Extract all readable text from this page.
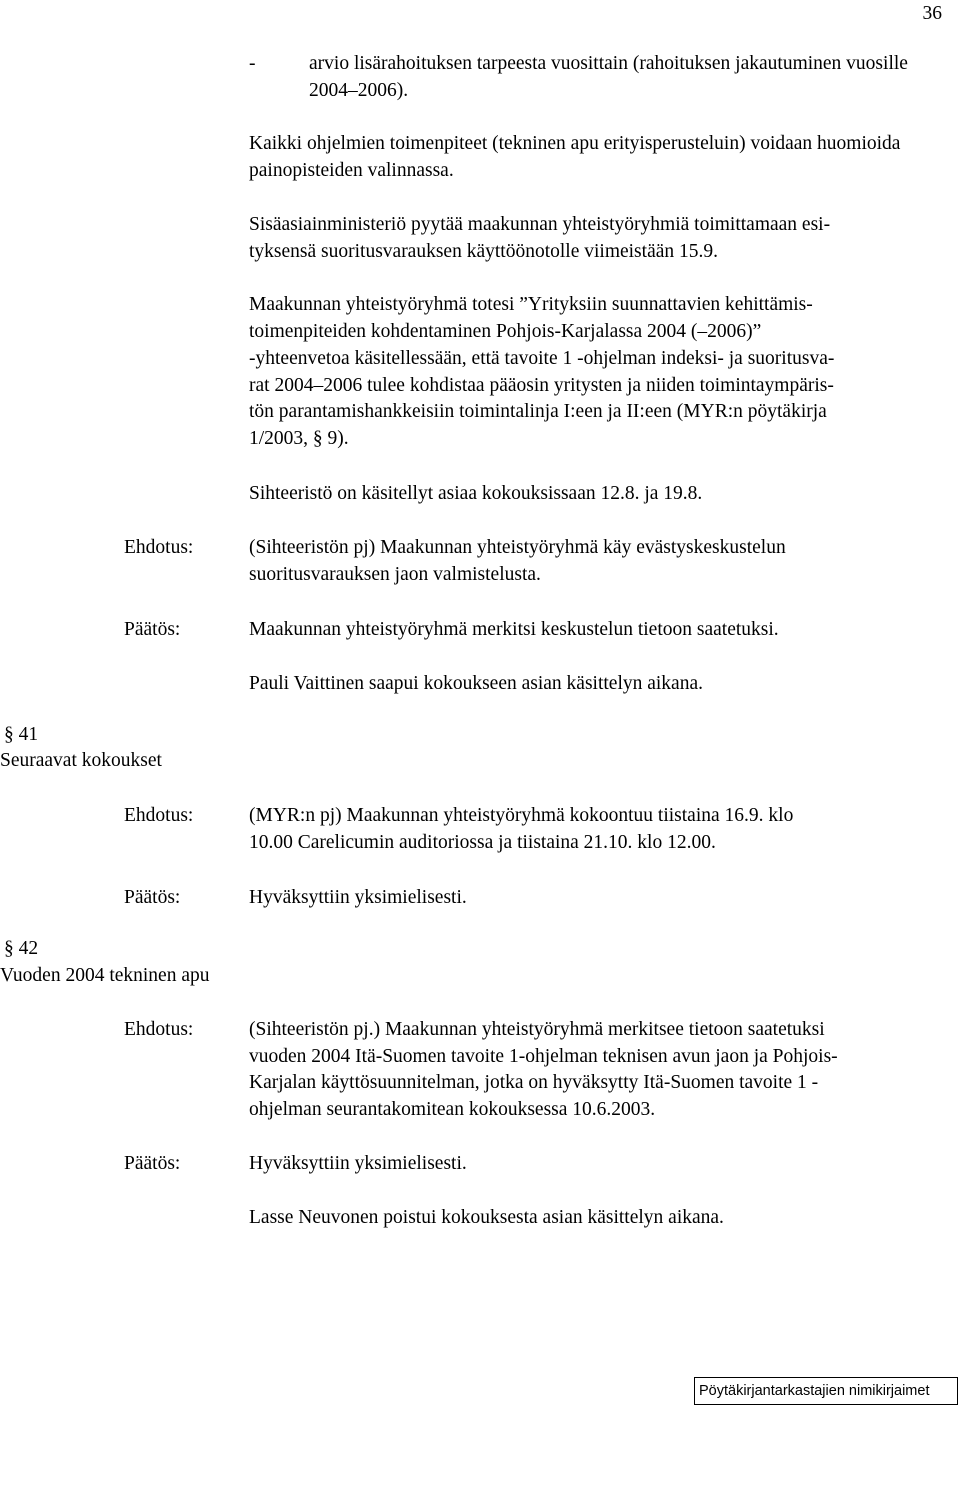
36
-	arvio lisärahoituksen tarpeesta vuosittain (rahoituksen jakautuminen vuosille 2004–2006).
Kaikki ohjelmien toimenpiteet (tekninen apu erityisperusteluin) voidaan huomioida painopisteiden valinnassa.
Sisäasiainministeriö pyytää maakunnan yhteistyöryhmiä toimittamaan esi-
tyksensä suoritusvarauksen käyttöönotolle viimeistään 15.9.
Maakunnan yhteistyöryhmä totesi ”Yrityksiin suunnattavien kehittämis-
toimenpiteiden kohdentaminen Pohjois-Karjalassa 2004 (–2006)”
-yhteenvetoa käsitellessään, että tavoite 1 -ohjelman indeksi- ja suoritusva-
rat 2004–2006 tulee kohdistaa pääosin yritysten ja niiden toimintaympäris-
tön parantamishankkeisiin toimintalinja I:een ja II:een (MYR:n pöytäkirja
1/2003, § 9).
Sihteeristö on käsitellyt asiaa kokouksissaan 12.8. ja 19.8.
Ehdotus:	(Sihteeristön pj) Maakunnan yhteistyöryhmä käy evästyskeskustelun
suoritusvarauksen jaon valmistelusta.
Päätös:	Maakunnan yhteistyöryhmä merkitsi keskustelun tietoon saatetuksi.
Pauli Vaittinen saapui kokoukseen asian käsittelyn aikana.
§ 41
Seuraavat kokoukset
Ehdotus:	(MYR:n pj) Maakunnan yhteistyöryhmä kokoontuu tiistaina 16.9. klo
10.00 Carelicumin auditoriossa ja tiistaina 21.10. klo 12.00.
Päätös:	Hyväksyttiin yksimielisesti.
§ 42
Vuoden 2004 tekninen apu
Ehdotus:	(Sihteeristön pj.) Maakunnan yhteistyöryhmä merkitsee tietoon saatetuksi
vuoden 2004 Itä-Suomen tavoite 1-ohjelman teknisen avun jaon ja Pohjois-
Karjalan käyttösuunnitelman, jotka on hyväksytty Itä-Suomen tavoite 1 -
ohjelman seurantakomitean kokouksessa 10.6.2003.
Päätös:	Hyväksyttiin yksimielisesti.
Lasse Neuvonen poistui kokouksesta asian käsittelyn aikana.
Pöytäkirjantarkastajien nimikirjaimet
